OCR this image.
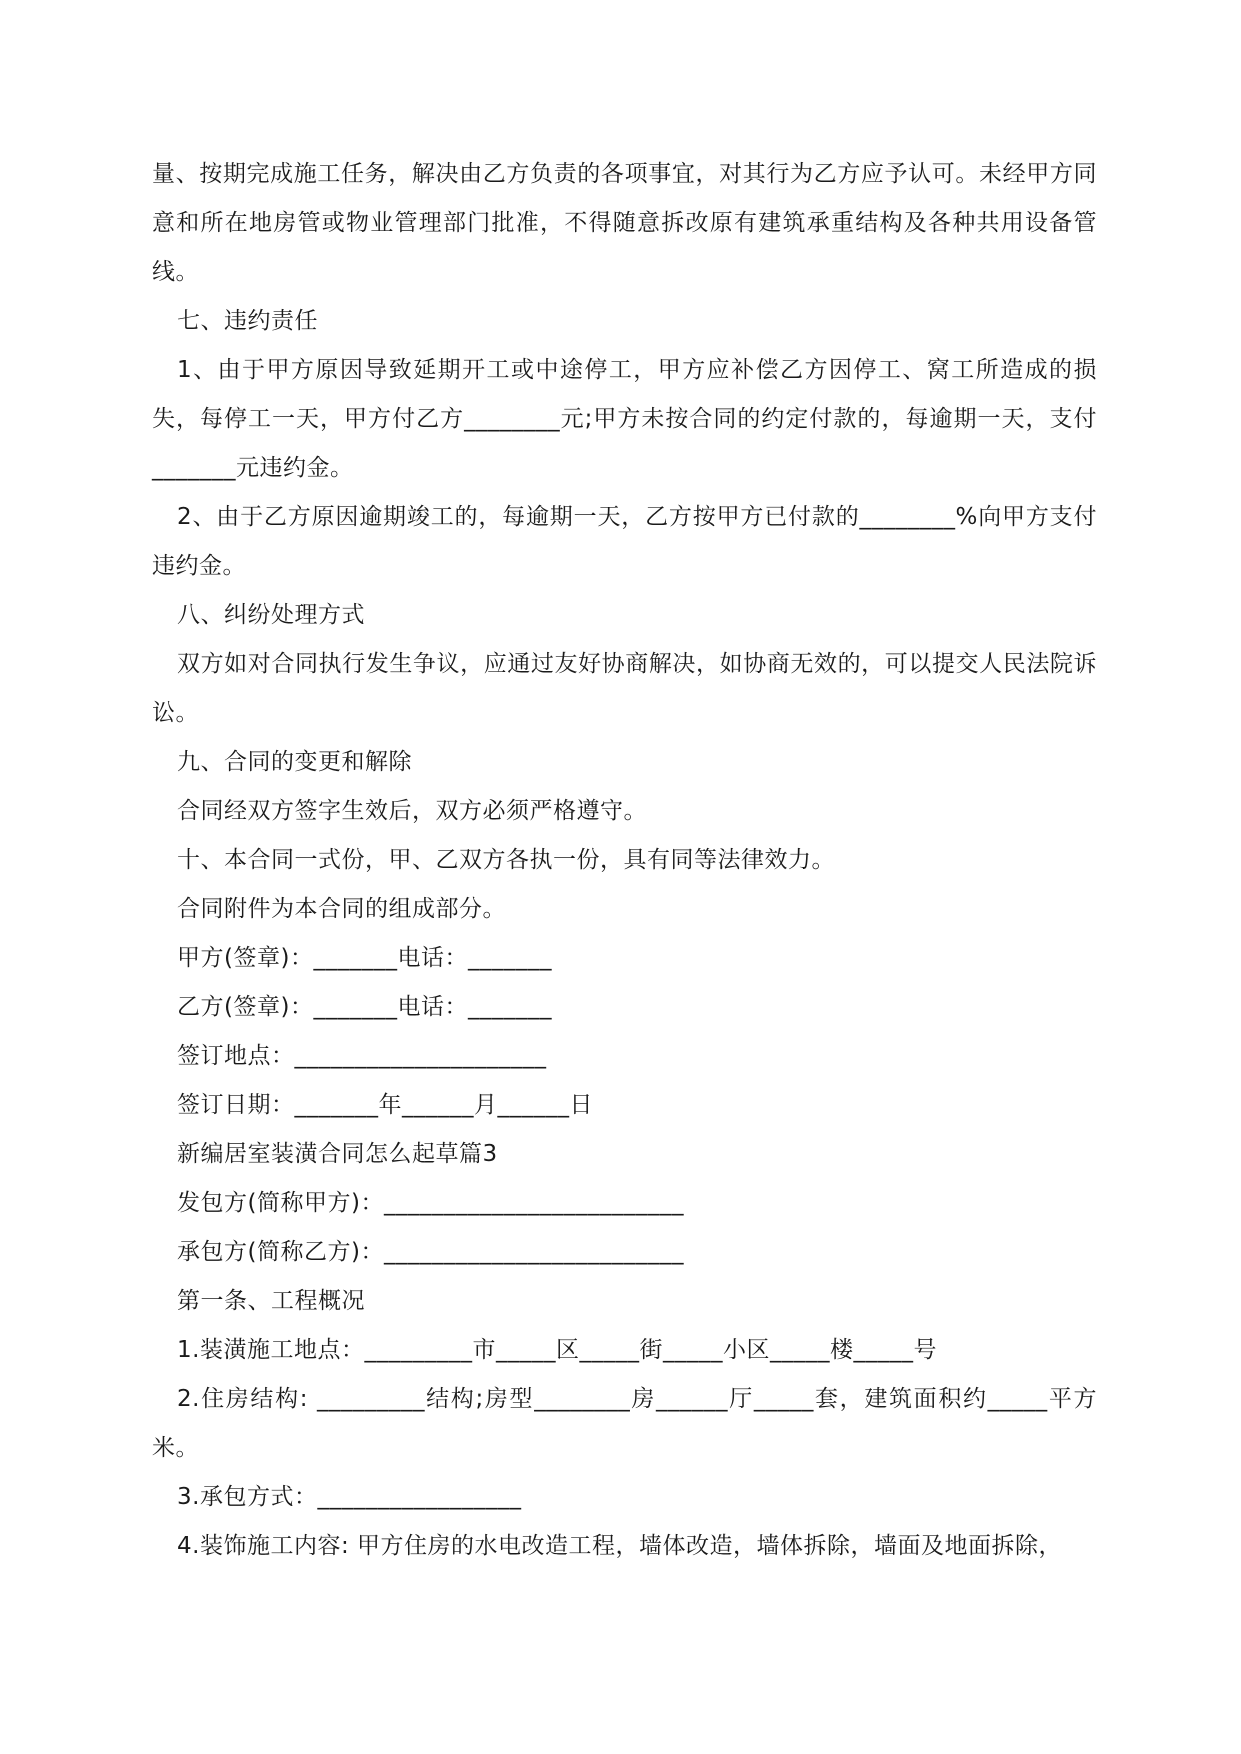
量、按期完成施工任务，解决由乙方负责的各项事宜，对其行为乙方应予认可。未经甲方同意和所在地房管或物业管理部门批准，不得随意拆改原有建筑承重结构及各种共用设备管线。

七、违约责任

1、由于甲方原因导致延期开工或中途停工，甲方应补偿乙方因停工、窝工所造成的损失，每停工一天，甲方付乙方________元;甲方未按合同的约定付款的，每逾期一天，支付_______元违约金。

2、由于乙方原因逾期竣工的，每逾期一天，乙方按甲方已付款的________%向甲方支付违约金。

八、纠纷处理方式

双方如对合同执行发生争议，应通过友好协商解决，如协商无效的，可以提交人民法院诉讼。

九、合同的变更和解除

合同经双方签字生效后，双方必须严格遵守。

十、本合同一式份，甲、乙双方各执一份，具有同等法律效力。

合同附件为本合同的组成部分。

甲方(签章)：_______电话：_______

乙方(签章)：_______电话：_______

签订地点：_____________________

签订日期：_______年______月______日

新编居室装潢合同怎么起草篇3

发包方(简称甲方)：_________________________

承包方(简称乙方)：_________________________

第一条、工程概况

1.装潢施工地点：_________市_____区_____街_____小区_____楼_____号

2.住房结构: _________结构;房型________房______厅_____套，建筑面积约_____平方米。

3.承包方式：_________________

4.装饰施工内容: 甲方住房的水电改造工程，墙体改造，墙体拆除，墙面及地面拆除，
